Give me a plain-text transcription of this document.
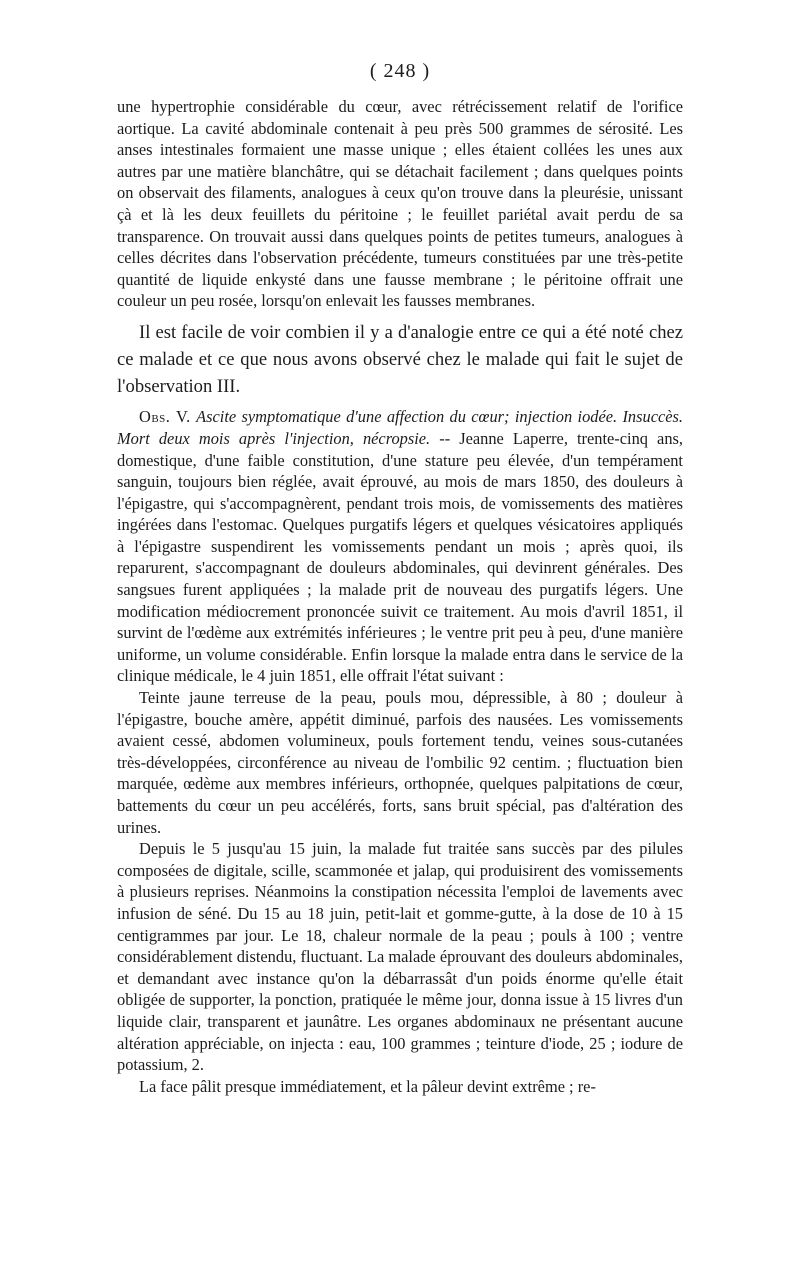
( 248 )

une hypertrophie considérable du cœur, avec rétrécissement relatif de l'orifice aortique. La cavité abdominale contenait à peu près 500 grammes de sérosité. Les anses intestinales formaient une masse unique ; elles étaient collées les unes aux autres par une matière blanchâtre, qui se détachait facilement ; dans quelques points on observait des filaments, analogues à ceux qu'on trouve dans la pleurésie, unissant çà et là les deux feuillets du péritoine ; le feuillet pariétal avait perdu de sa transparence. On trouvait aussi dans quelques points de petites tumeurs, analogues à celles décrites dans l'observation précédente, tumeurs constituées par une très-petite quantité de liquide enkysté dans une fausse membrane ; le péritoine offrait une couleur un peu rosée, lorsqu'on enlevait les fausses membranes.

Il est facile de voir combien il y a d'analogie entre ce qui a été noté chez ce malade et ce que nous avons observé chez le malade qui fait le sujet de l'observation III.

Obs. V. Ascite symptomatique d'une affection du cœur; injection iodée. Insuccès. Mort deux mois après l'injection, nécropsie. -- Jeanne Laperre, trente-cinq ans, domestique, d'une faible constitution, d'une stature peu élevée, d'un tempérament sanguin, toujours bien réglée, avait éprouvé, au mois de mars 1850, des douleurs à l'épigastre, qui s'accompagnèrent, pendant trois mois, de vomissements des matières ingérées dans l'estomac. Quelques purgatifs légers et quelques vésicatoires appliqués à l'épigastre suspendirent les vomissements pendant un mois ; après quoi, ils reparurent, s'accompagnant de douleurs abdominales, qui devinrent générales. Des sangsues furent appliquées ; la malade prit de nouveau des purgatifs légers. Une modification médiocrement prononcée suivit ce traitement. Au mois d'avril 1851, il survint de l'œdème aux extrémités inférieures ; le ventre prit peu à peu, d'une manière uniforme, un volume considérable. Enfin lorsque la malade entra dans le service de la clinique médicale, le 4 juin 1851, elle offrait l'état suivant :

Teinte jaune terreuse de la peau, pouls mou, dépressible, à 80 ; douleur à l'épigastre, bouche amère, appétit diminué, parfois des nausées. Les vomissements avaient cessé, abdomen volumineux, pouls fortement tendu, veines sous-cutanées très-développées, circonférence au niveau de l'ombilic 92 centim. ; fluctuation bien marquée, œdème aux membres inférieurs, orthopnée, quelques palpitations de cœur, battements du cœur un peu accélérés, forts, sans bruit spécial, pas d'altération des urines.

Depuis le 5 jusqu'au 15 juin, la malade fut traitée sans succès par des pilules composées de digitale, scille, scammonée et jalap, qui produisirent des vomissements à plusieurs reprises. Néanmoins la constipation nécessita l'emploi de lavements avec infusion de séné. Du 15 au 18 juin, petit-lait et gomme-gutte, à la dose de 10 à 15 centigrammes par jour. Le 18, chaleur normale de la peau ; pouls à 100 ; ventre considérablement distendu, fluctuant. La malade éprouvant des douleurs abdominales, et demandant avec instance qu'on la débarrassât d'un poids énorme qu'elle était obligée de supporter, la ponction, pratiquée le même jour, donna issue à 15 livres d'un liquide clair, transparent et jaunâtre. Les organes abdominaux ne présentant aucune altération appréciable, on injecta : eau, 100 grammes ; teinture d'iode, 25 ; iodure de potassium, 2.

La face pâlit presque immédiatement, et la pâleur devint extrême ; re-
